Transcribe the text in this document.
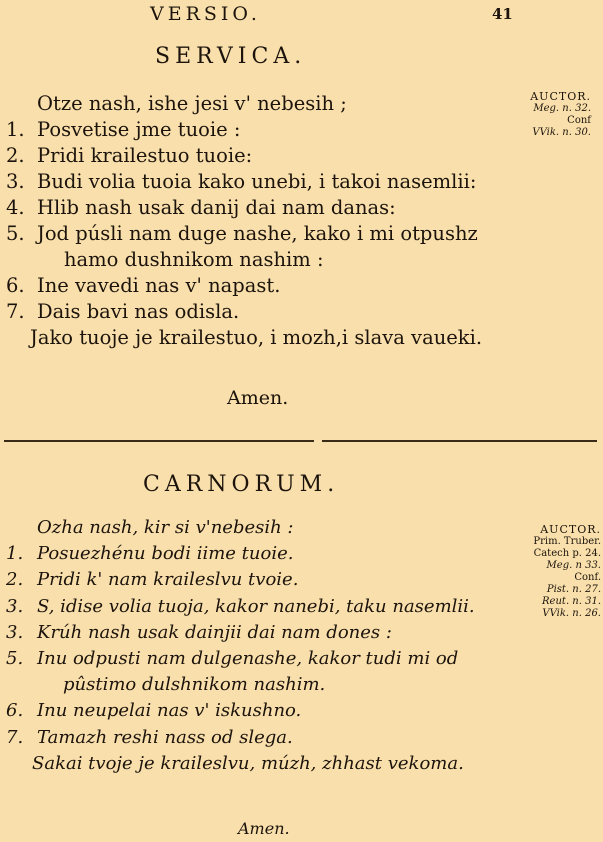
VERSIO.	41
SERVICA.
Otze nash, ishe jesi v' nebesih ;
1. Posvetise jme tuoie :
2. Pridi krailestuo tuoie:
3. Budi volia tuoia kako unebi, i takoi nasemlii:
4. Hlib nash usak danij dai nam danas:
5. Jod púsli nam duge nashe, kako i mi otpushz
hamo dushnikom nashim :
6. Ine vavedi nas v' napast.
7. Dais bavi nas odisla.
Jako tuoje je krailestuo, i mozh,i slava vaueki.
AUCTOR.
Meg. n. 32.
Conf
VVik. n. 30.
Amen.
CARNORUM.
Ozha nash, kir si v'nebesih :
1. Posuezhénu bodi iime tuoie.
2. Pridi k' nam kraileslvu tvoie.
3. S, idise volia tuoja, kakor nanebi, taku nasemlii.
3. Krúh nash usak dainjii dai nam dones :
5. Inu odpusti nam dulgenashe, kakor tudi mi od
pûstimo dulshnikom nashim.
6. Inu neupelai nas v' iskushno.
7. Tamazh reshi nass od slega.
Sakai tvoje je kraileslvu, múzh, zhhast vekoma.
AUCTOR.
Prim. Truber.
Catech p. 24.
Meg. n 33.
Conf.
Pist. n. 27.
Reut. n. 31.
VVik. n. 26.
Amen.
